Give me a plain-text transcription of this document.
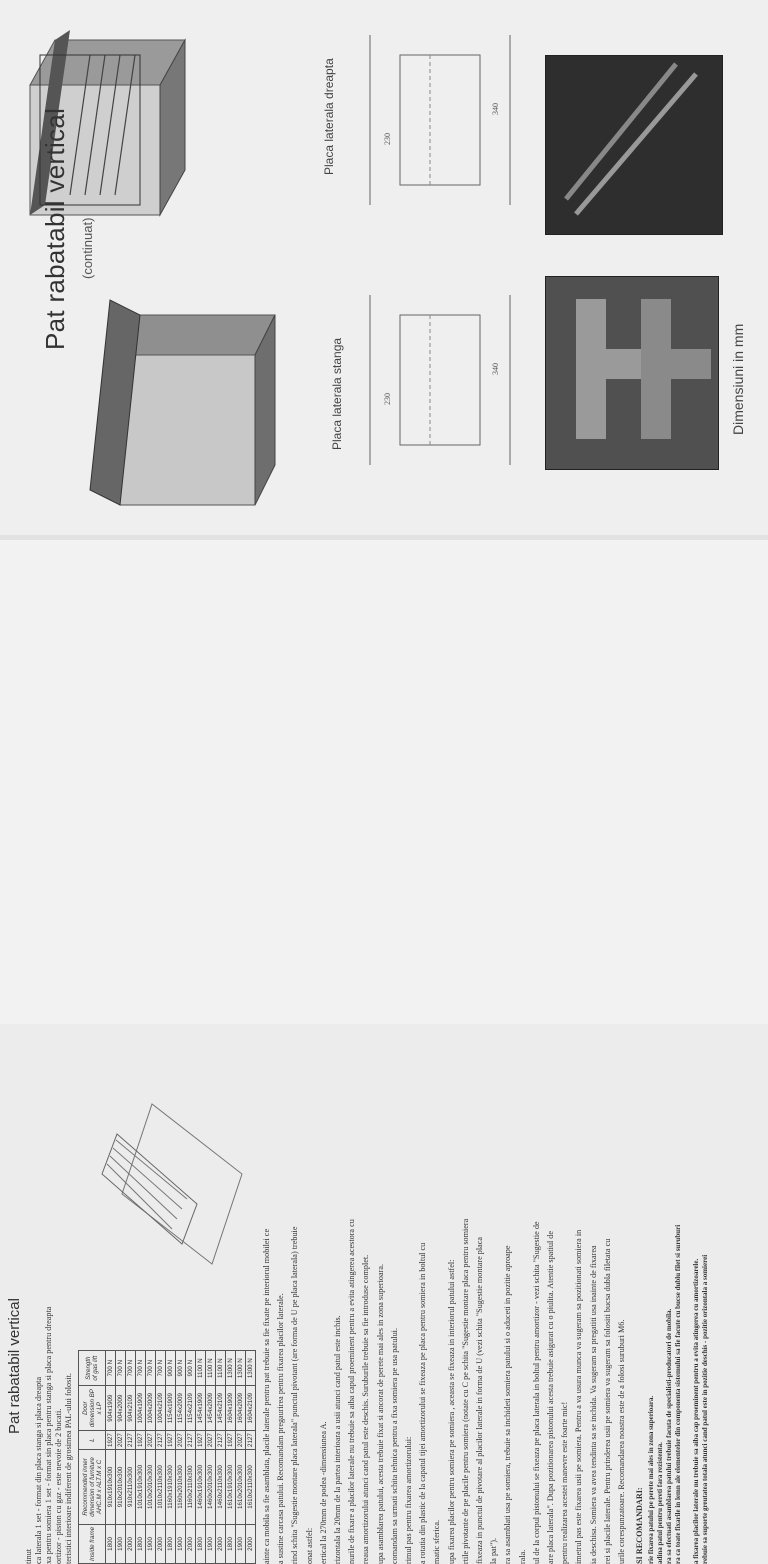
Pat rabatabil vertical (continuat)
Placa laterala stanga
Placa laterala dreapta
230
340
230
340
Dimensiuni in mm
Pat rabatabil vertical
tinut ca laterala 1 set - format din placa stanga si placa dreapta xa pentru somiera 1 set - format sin placa pentru stanga si placa pentru dreapta ortizor - piston cu gaz - este nevoie de 2 bucati. teristici interioare indiferent de grosimea PAL-ului folosit.	Inside frame	Recommended inner dimension of furniture AHC.M x ALT.M x C	L	Door dimension BP x LP	Strength of gas lift
1800	910x1910x300	1927	904x1909	700 N
1900	910x2010x300	2027	904x2009	700 N
2000	910x2110x300	2127	904x2109	700 N
1800	1010x1910x300	1927	1004x1909	700 N
1900	1010x2010x300	2027	1004x2009	700 N
2000	1010x2110x300	2127	1004x2109	700 N
1800	1160x1910x300	1927	1154x1909	900 N
1900	1160x2010x300	2027	1154x2009	900 N
2000	1160x2110x300	2127	1154x2109	900 N
1800	1460x1910x300	1927	1454x1909	1100 N
1900	1460x2010x300	2027	1454x2009	1100 N
2000	1460x2110x300	2127	1454x2109	1100 N
1800	1610x1910x300	1927	1604x1909	1300 N
1900	1610x2010x300	2027	1604x2009	1300 N
2000	1610x2110x300	2127	1604x2109	1300 N ainte ca mobila sa fie asamblata, placile laterale pentru pat trebuie sa fie fixate pe interiorul mobilei ce a sustine carcasa patului. Recomandam pregaurirea pentru fixarea placilor laterale. rind schita "Sugestie montare placa laterala" punctul pivotant (are forma de U pe placa laterala) trebuie onat astfel: ertical la 270mm de podea -dimensiunea A. rizontala la 20mm de la partea interioara a usii atunci cand patul este inchis. nurile de fixare a placilor laterale nu trebuie sa aiba capul proeminent pentru a evita atingerea acestora cu reaua amortizorului atunci cand patul este deschis. Suruburile trebuie sa fie introduse complet. upa asamblarea patului, acesta trebuie fixat si ancorat de perete mai ales in zona superioara. comandam sa urmati schita tehnica pentru a fixa somiera pe usa patului. rimul pas pentru fixarea amortizorului: a rotatia din plastic de la capatul tijei amortizorului se fixeaza pe placa pentru somiera in boltul cu matic sferica. upa fixarea placilor pentru somiera pe somiera , aceasta se fixeaza in interiorul patului astfel: rtile pivotante de pe placile pentru somiera (notate cu C pe schita "Sugestie montare placa pentru somiera fixeaza in punctul de pivotare al placilor laterale in forma de U (vezi schita "Sugestie montare placa la pat"). ra sa asamblati usa pe somiera, trebuie sa inchideti somiera patului si o aduceti in pozitie aproape rala. ul de la corpul pistonului se fixeaza pe placa laterala in boltul pentru amortizor - vezi schita "Sugestie de are placa laterala". Dupa pozitionarea pistonului acesta trebuie asigurat cu o piulita. Atentie spatiul de pentru realizarea acestei manevre este foarte mic! imetrul pas este fixarea usii pe somiera. Pentru a va usura munca va sugeram sa pozitionati somiera in ia deschisa. Somiera va avea tendinta sa se inchida. Va sugeram sa pregatiti usa inainte de fixarea rei si placile laterale. Pentru prinderea usii pe somiera va sugeram sa folositi bucsa dubla filetata cu urile corespunzatoare. Recomandarea noastra este de a folosi suruburi M6. SI RECOMANDARI: rie fixarea patului pe perete mai ales in zona superioara. adina patul pentru pereti fara rezistenta. ra sa efectuati asamblarea patului trebuie facuta de specialisti-producatori de mobila. ra ca toate fixarile in lemn ale elementelor din componenta sistemului sa fie facute cu bucse dublu filet si suruburi a fixarea placilor laterale nu trebuie sa aiba cap proeminent pentru a evita atingerea cu amortizoarele. rebuie sa suporte greutatea totala atunci cand patul este in pozitie deschis - pozitie orizontala a somierei
